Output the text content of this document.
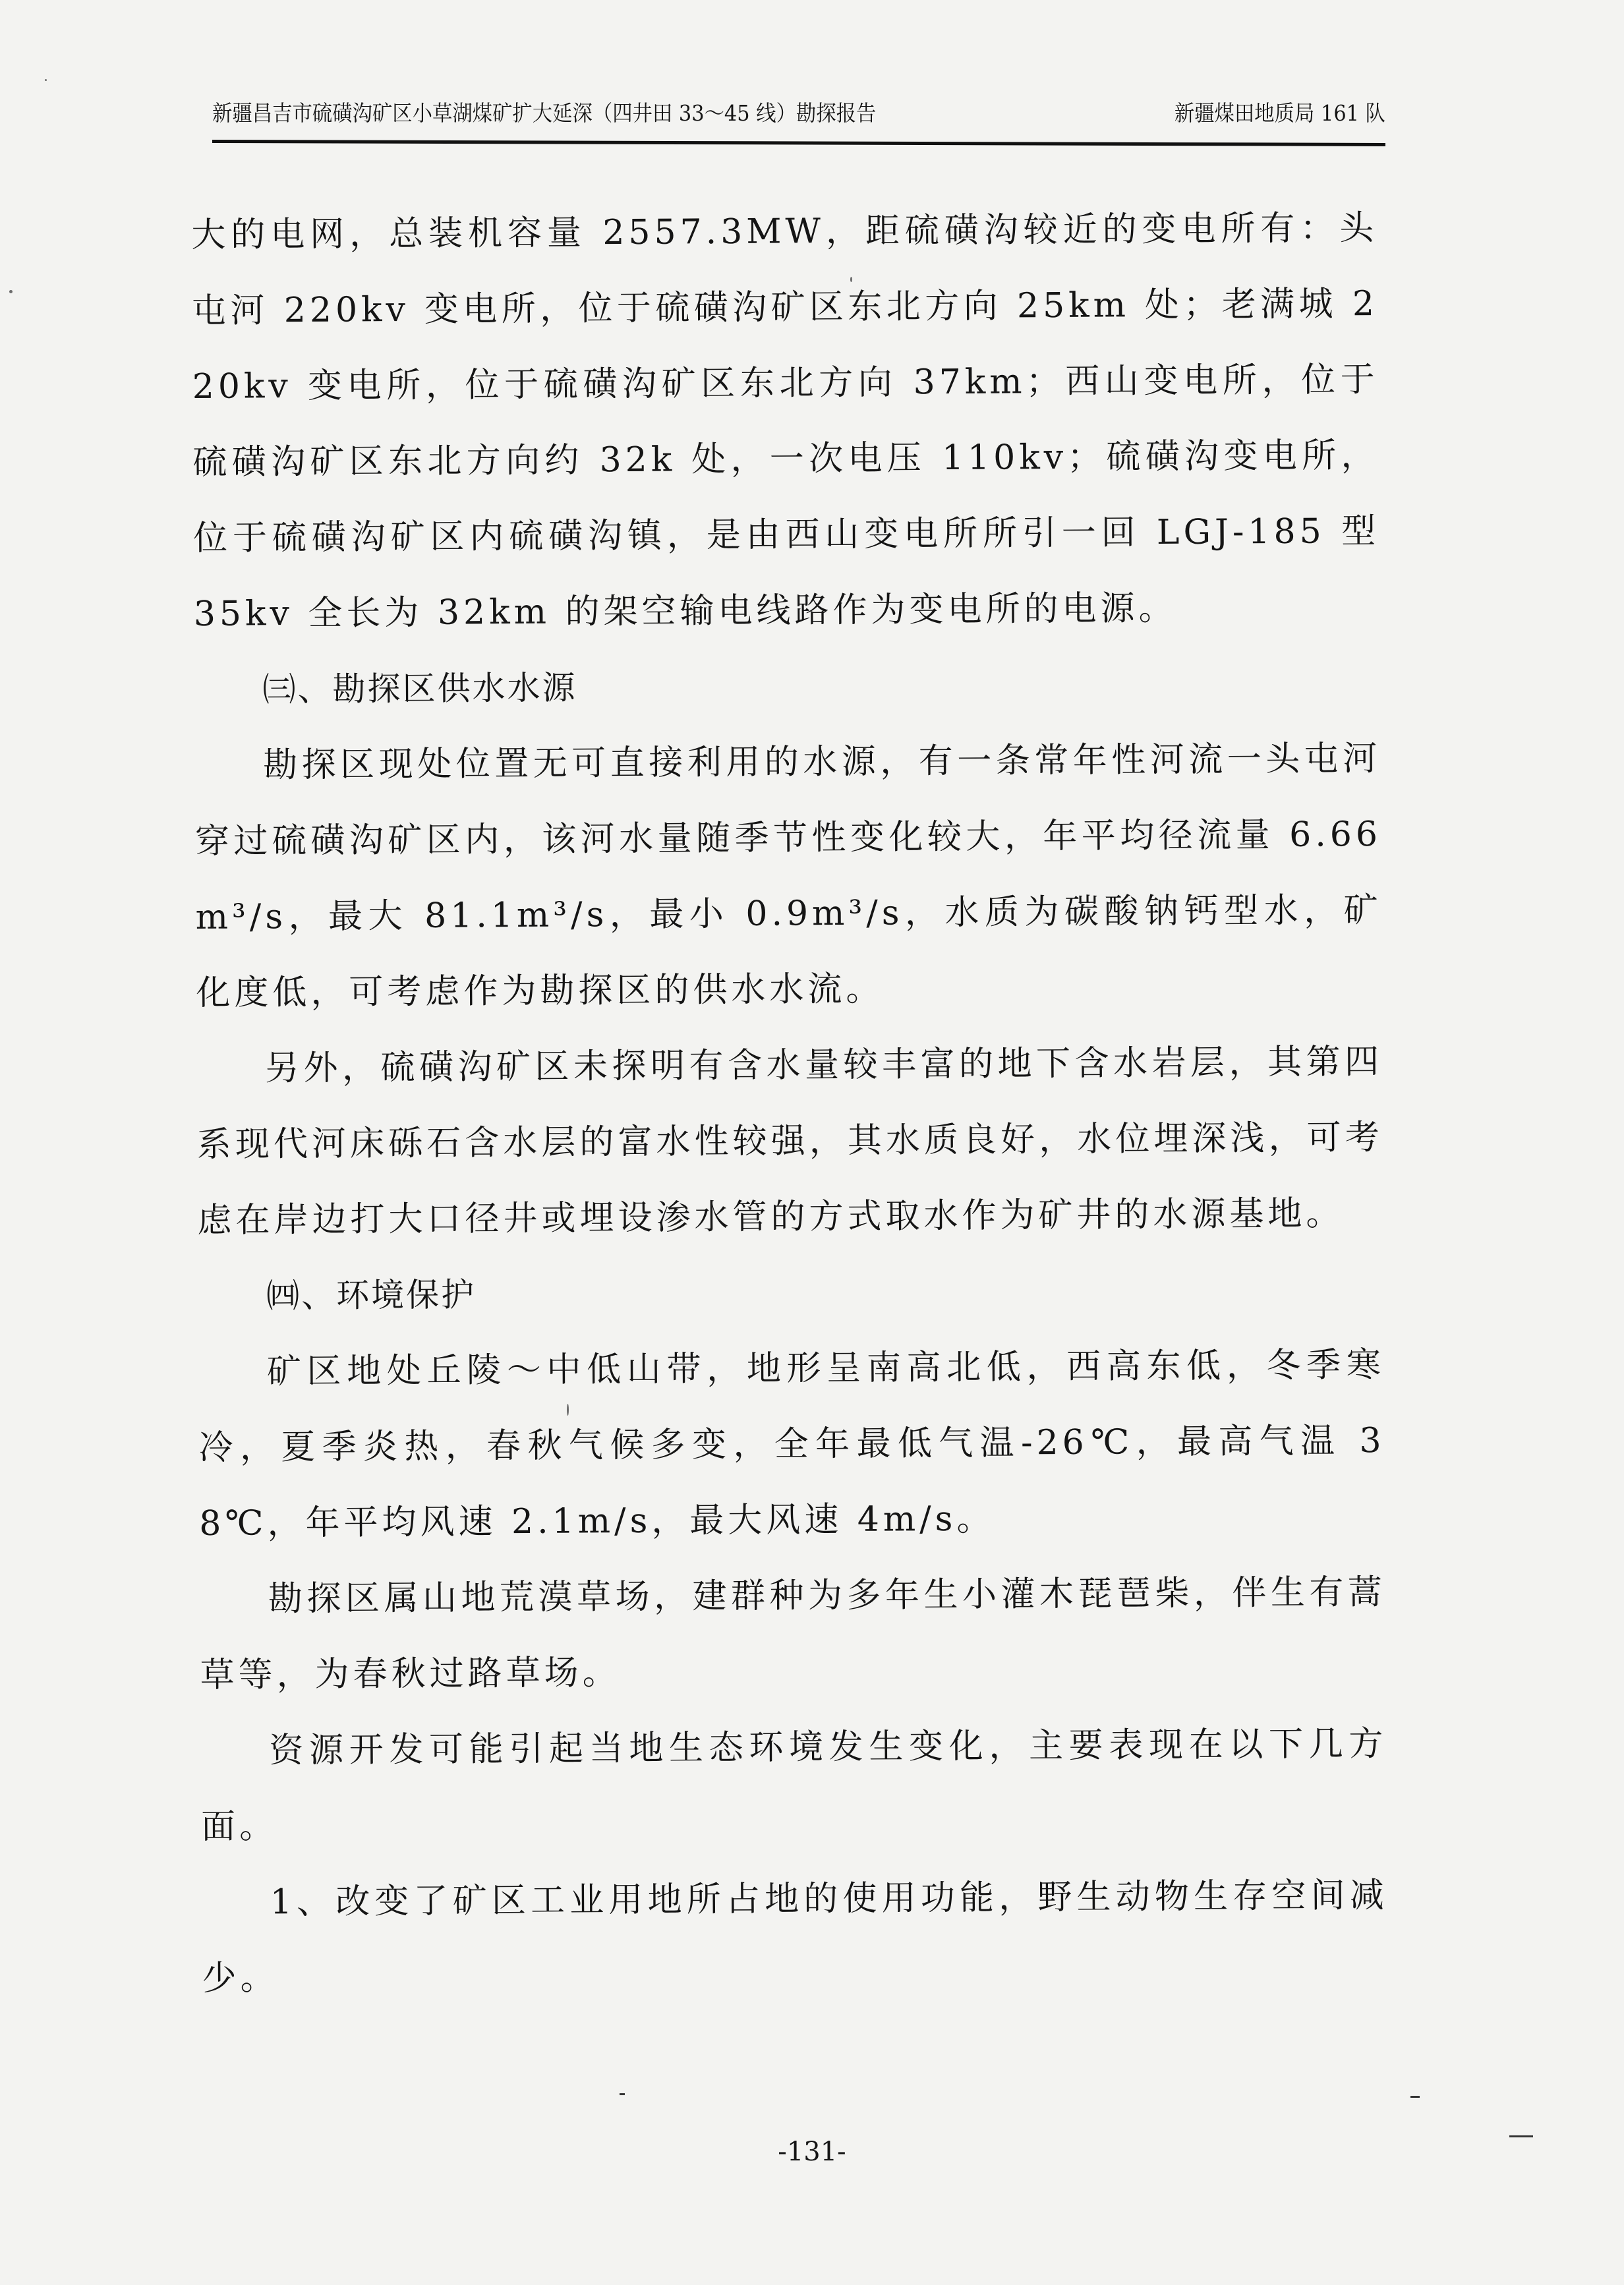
新疆昌吉市硫磺沟矿区小草湖煤矿扩大延深（四井田 33～45 线）勘探报告	新疆煤田地质局 161 队

大的电网，总装机容量 2557.3MW，距硫磺沟较近的变电所有：头屯河 220kv 变电所，位于硫磺沟矿区东北方向 25km 处；老满城 220kv 变电所，位于硫磺沟矿区东北方向 37km；西山变电所，位于硫磺沟矿区东北方向约 32k 处，一次电压 110kv；硫磺沟变电所，位于硫磺沟矿区内硫磺沟镇，是由西山变电所所引一回 LGJ-185 型 35kv 全长为 32km 的架空输电线路作为变电所的电源。

㈢、勘探区供水水源

勘探区现处位置无可直接利用的水源，有一条常年性河流一头屯河穿过硫磺沟矿区内，该河水量随季节性变化较大，年平均径流量 6.66m³/s，最大 81.1m³/s，最小 0.9m³/s，水质为碳酸钠钙型水，矿化度低，可考虑作为勘探区的供水水流。

另外，硫磺沟矿区未探明有含水量较丰富的地下含水岩层，其第四系现代河床砾石含水层的富水性较强，其水质良好，水位埋深浅，可考虑在岸边打大口径井或埋设渗水管的方式取水作为矿井的水源基地。

㈣、环境保护

矿区地处丘陵～中低山带，地形呈南高北低，西高东低，冬季寒冷，夏季炎热，春秋气候多变，全年最低气温-26℃，最高气温 38℃，年平均风速 2.1m/s，最大风速 4m/s。

勘探区属山地荒漠草场，建群种为多年生小灌木琵琶柴，伴生有蒿草等，为春秋过路草场。

资源开发可能引起当地生态环境发生变化，主要表现在以下几方面。

1、改变了矿区工业用地所占地的使用功能，野生动物生存空间减少。

-131-
